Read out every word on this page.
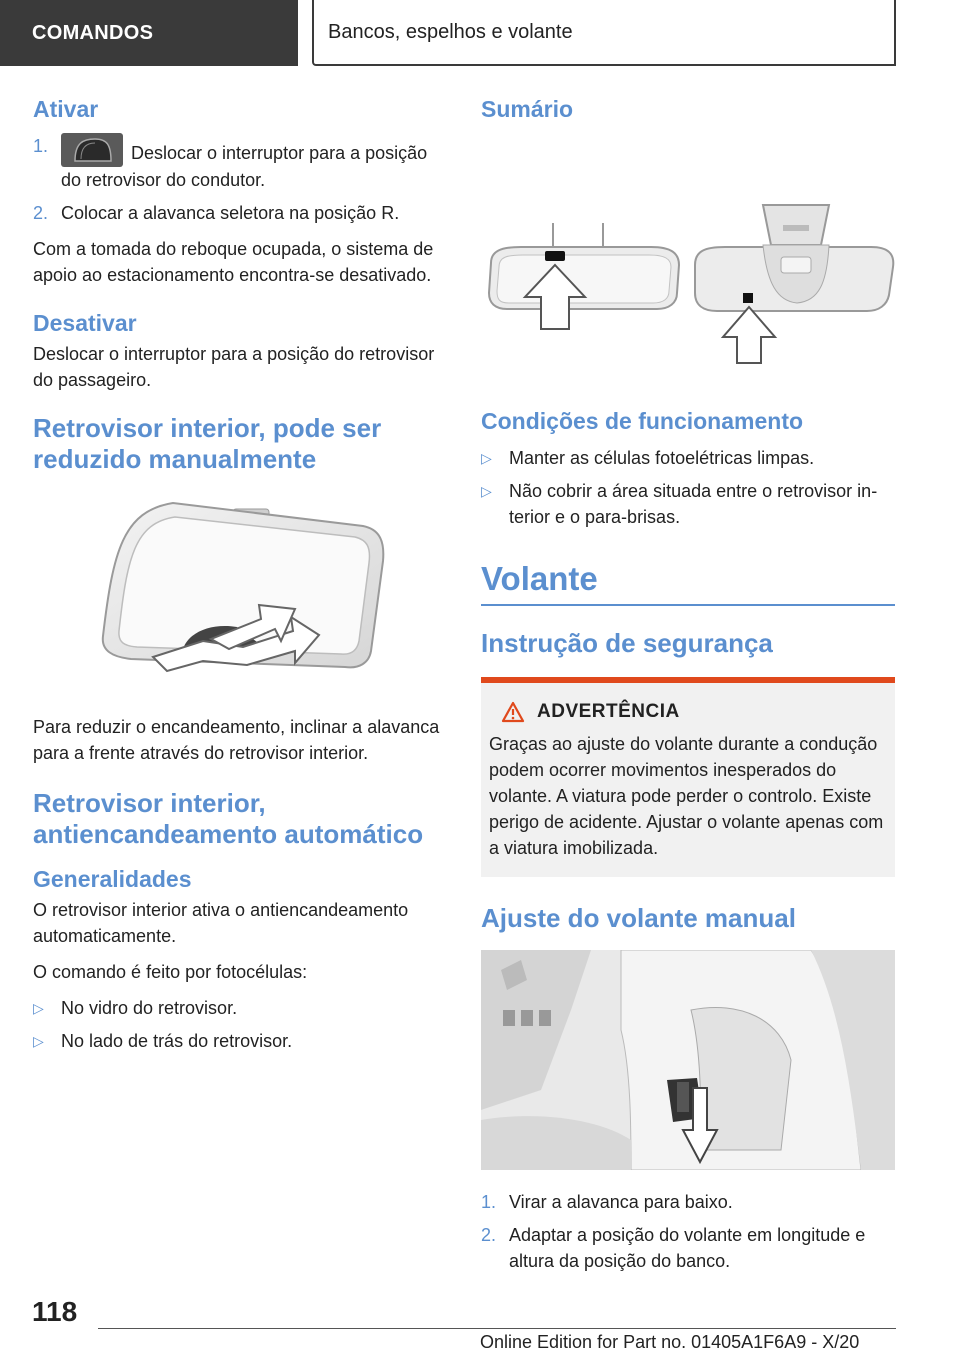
COMANDOS	Bancos, espelhos e volante
Ativar
1.	Deslocar o interruptor para a posição do retrovisor do condutor.
2. Colocar a alavanca seletora na posição R.

Com a tomada do reboque ocupada, o sistema de apoio ao estacionamento encontra-se desativado.

Desativar

Deslocar o interruptor para a posição do retrovisor do passageiro.

Retrovisor interior, pode ser reduzido manualmente

Para reduzir o encandeamento, inclinar a alavanca para a frente através do retrovisor interior.

Retrovisor interior, antiencandeamento automático
Generalidades

O retrovisor interior ativa o antiencandeamento automaticamente.

O comando é feito por fotocélulas:

▷ No vidro do retrovisor.
▷ No lado de trás do retrovisor.
Sumário
Condições de funcionamento
▷ Manter as células fotoelétricas limpas.
▷ Não cobrir a área situada entre o retrovisor interior e o para-brisas.
Volante
Instrução de segurança
ADVERTÊNCIA

Graças ao ajuste do volante durante a condução podem ocorrer movimentos inesperados do volante. A viatura pode perder o controlo. Existe perigo de acidente. Ajustar o volante apenas com a viatura imobilizada.

Ajuste do volante manual
1. Virar a alavanca para baixo.
2. Adaptar a posição do volante em longitude e altura da posição do banco.
118
Online Edition for Part no. 01405A1F6A9 - X/20
